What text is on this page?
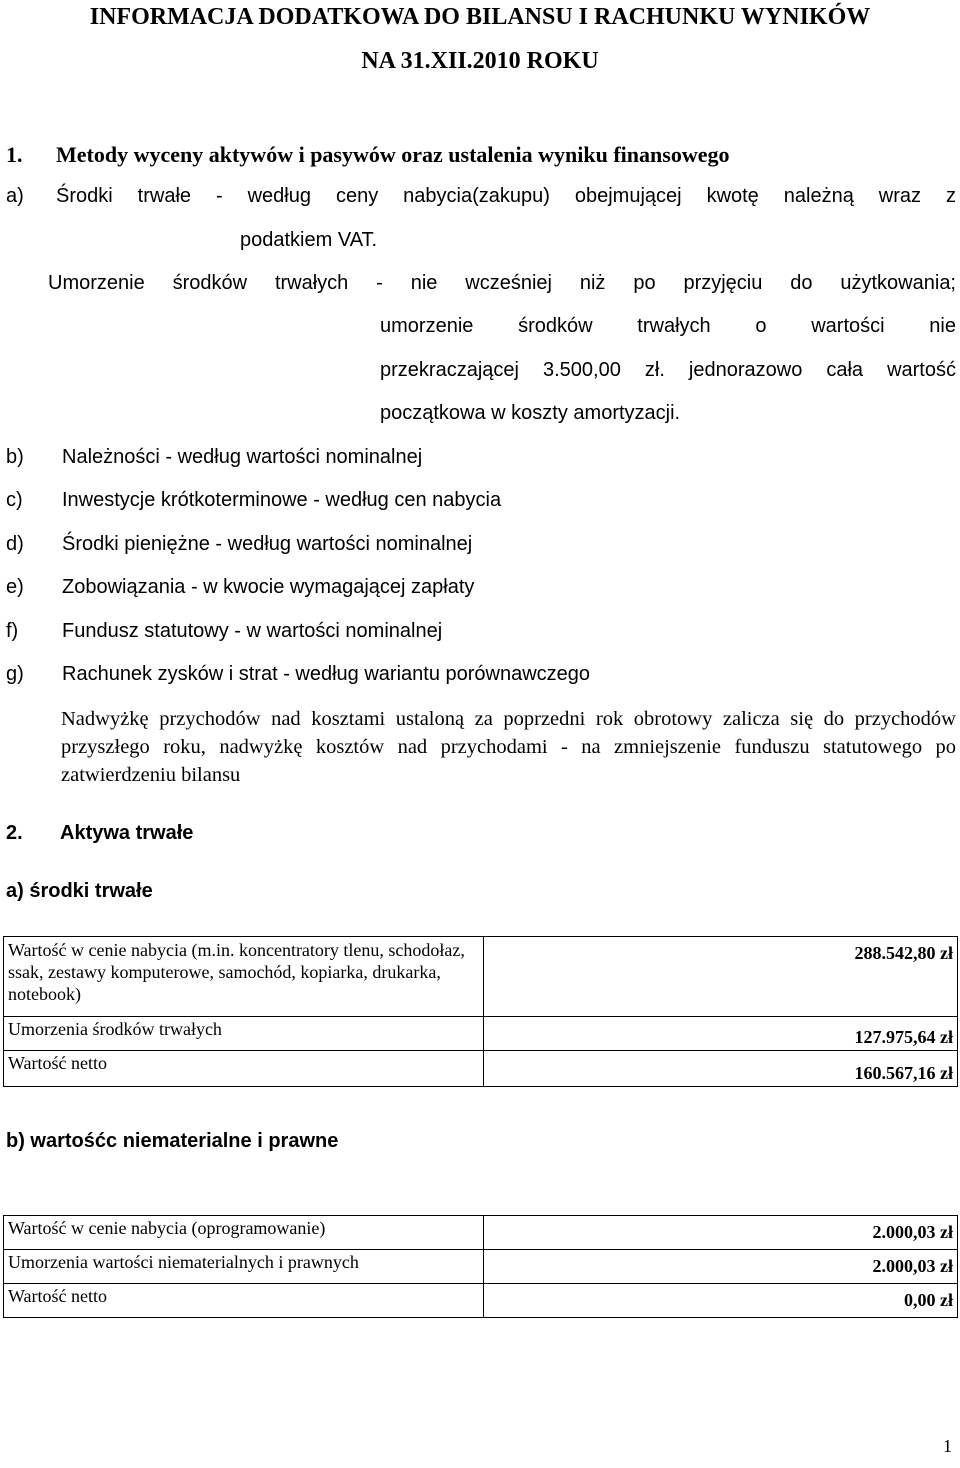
INFORMACJA DODATKOWA DO BILANSU I RACHUNKU WYNIKÓW
NA 31.XII.2010 ROKU
1. Metody wyceny aktywów i pasywów oraz ustalenia wyniku finansowego
a) Środki trwałe - według ceny nabycia(zakupu) obejmującej kwotę należną wraz z
podatkiem VAT.
Umorzenie środków trwałych - nie wcześniej niż po przyjęciu do użytkowania;
umorzenie środków trwałych o wartości nie
przekraczającej 3.500,00 zł. jednorazowo cała wartość
początkowa w koszty amortyzacji.
b) Należności - według wartości nominalnej
c) Inwestycje krótkoterminowe - według cen nabycia
d) Środki pieniężne - według wartości nominalnej
e) Zobowiązania - w kwocie wymagającej zapłaty
f) Fundusz statutowy - w wartości nominalnej
g) Rachunek zysków i strat - według wariantu porównawczego
Nadwyżkę przychodów nad kosztami ustaloną za poprzedni rok obrotowy zalicza się do przychodów przyszłego roku, nadwyżkę kosztów nad przychodami - na zmniejszenie funduszu statutowego po zatwierdzeniu bilansu
2. Aktywa trwałe
a) środki trwałe
Wartość w cenie nabycia (m.in. koncentratory tlenu, schodołaz, ssak, zestawy komputerowe, samochód, kopiarka, drukarka, notebook)	288.542,80 zł
Umorzenia środków trwałych	127.975,64 zł
Wartość netto	160.567,16 zł
b) wartośćc niematerialne i prawne
Wartość w cenie nabycia (oprogramowanie)	2.000,03 zł
Umorzenia wartości niematerialnych i prawnych	2.000,03 zł
Wartość netto	0,00 zł
1
